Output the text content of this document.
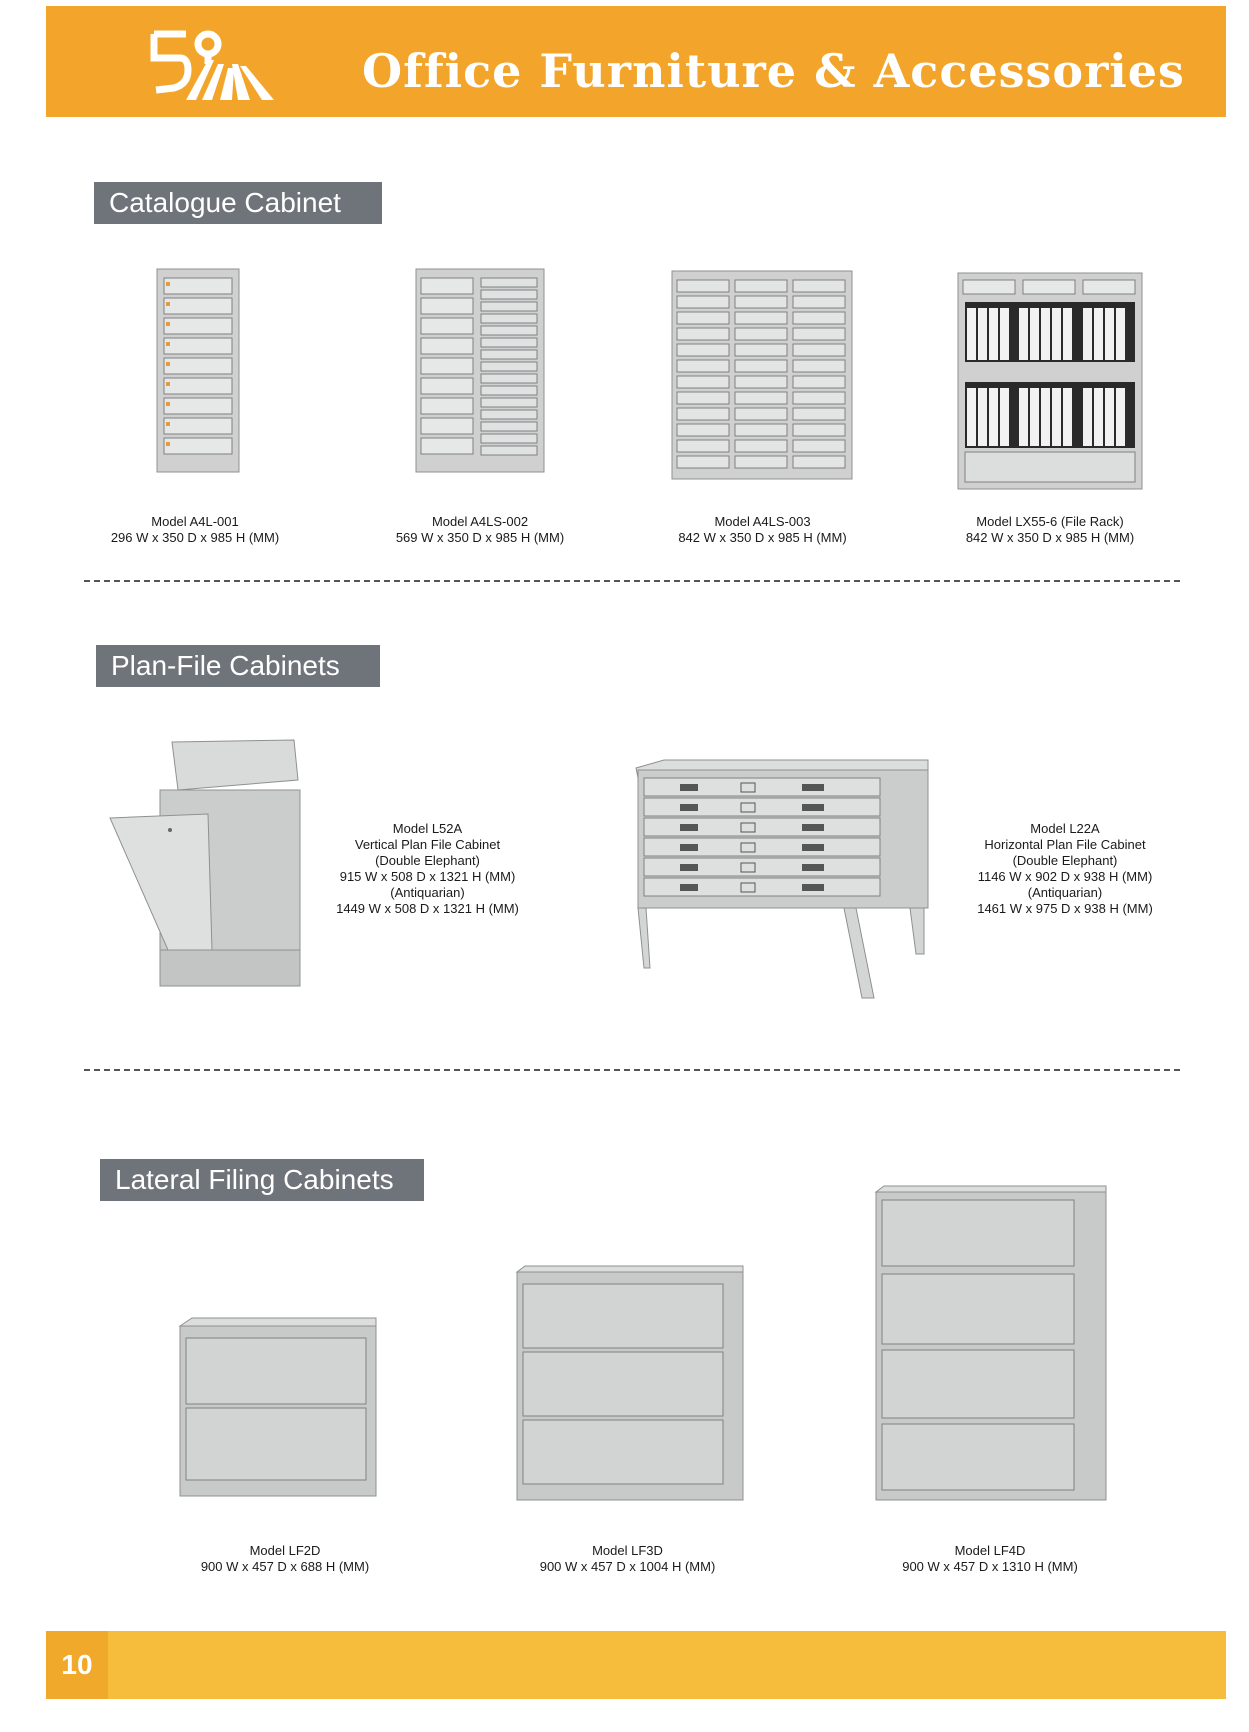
Office Furniture & Accessories
Catalogue Cabinet
Model A4L-001
296 W x 350 D x 985 H (MM)
Model A4LS-002
569 W x 350 D x 985 H (MM)
Model A4LS-003
842 W x 350 D x 985 H (MM)
Model LX55-6 (File Rack)
842 W x 350 D x 985 H (MM)
Plan-File Cabinets
Model L52A
Vertical Plan File Cabinet
(Double Elephant)
915 W x 508 D x 1321 H (MM)
(Antiquarian)
1449 W x 508 D x 1321 H (MM)
Model L22A
Horizontal Plan File Cabinet
(Double Elephant)
1146 W x 902 D x 938 H (MM)
(Antiquarian)
1461 W x 975 D x 938 H (MM)
Lateral Filing Cabinets
Model LF2D
900 W x 457 D x 688 H (MM)
Model LF3D
900 W x 457 D x 1004 H (MM)
Model LF4D
900 W x 457 D x 1310 H (MM)
10
